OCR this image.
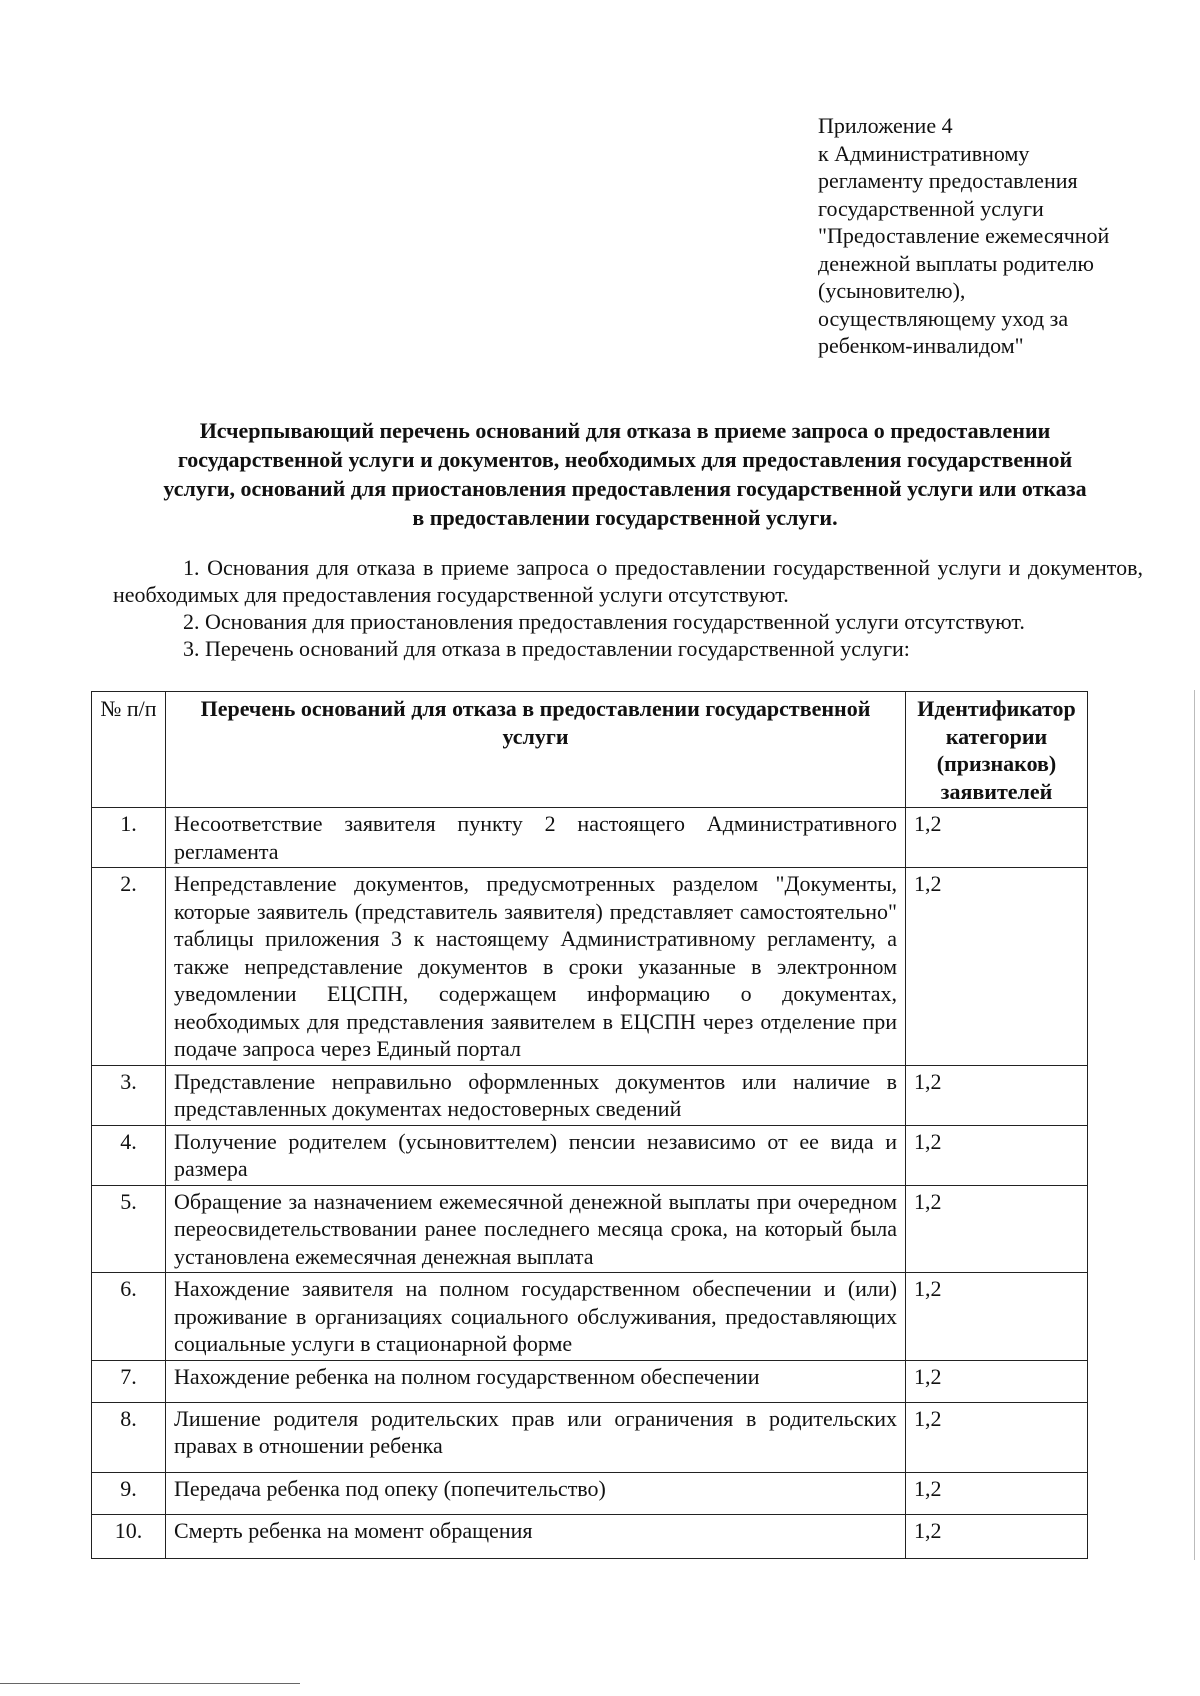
Приложение 4
к Административному
регламенту предоставления
государственной услуги
"Предоставление ежемесячной
денежной выплаты родителю
(усыновителю),
осуществляющему уход за
ребенком-инвалидом"
Исчерпывающий перечень оснований для отказа в приеме запроса о предоставлении
государственной услуги и документов, необходимых для предоставления государственной
услуги, оснований для приостановления предоставления государственной услуги или отказа
в предоставлении государственной услуги.
1. Основания для отказа в приеме запроса о предоставлении государственной услуги и документов, необходимых для предоставления государственной услуги отсутствуют.
2. Основания для приостановления предоставления государственной услуги отсутствуют.
3. Перечень оснований для отказа в предоставлении государственной услуги:
№ п/п	Перечень оснований для отказа в предоставлении государственной услуги	Идентификатор категории (признаков) заявителей
1.	Несоответствие заявителя пункту 2 настоящего Административного регламента	1,2
2.	Непредставление документов, предусмотренных разделом "Документы, которые заявитель (представитель заявителя) представляет самостоятельно" таблицы приложения 3 к настоящему Административному регламенту, а также непредставление документов в сроки указанные в электронном уведомлении ЕЦСПН, содержащем информацию о документах, необходимых для представления заявителем в ЕЦСПН через отделение при подаче запроса через Единый портал	1,2
3.	Представление неправильно оформленных документов или наличие в представленных документах недостоверных сведений	1,2
4.	Получение родителем (усыновиттелем) пенсии независимо от ее вида и размера	1,2
5.	Обращение за назначением ежемесячной денежной выплаты при очередном переосвидетельствовании ранее последнего месяца срока, на который была установлена ежемесячная денежная выплата	1,2
6.	Нахождение заявителя на полном государственном обеспечении и (или) проживание в организациях социального обслуживания, предоставляющих социальные услуги в стационарной форме	1,2
7.	Нахождение ребенка на полном государственном обеспечении	1,2
8.	Лишение родителя родительских прав или ограничения в родительских правах в отношении ребенка	1,2
9.	Передача ребенка под опеку (попечительство)	1,2
10.	Смерть ребенка на момент обращения	1,2
